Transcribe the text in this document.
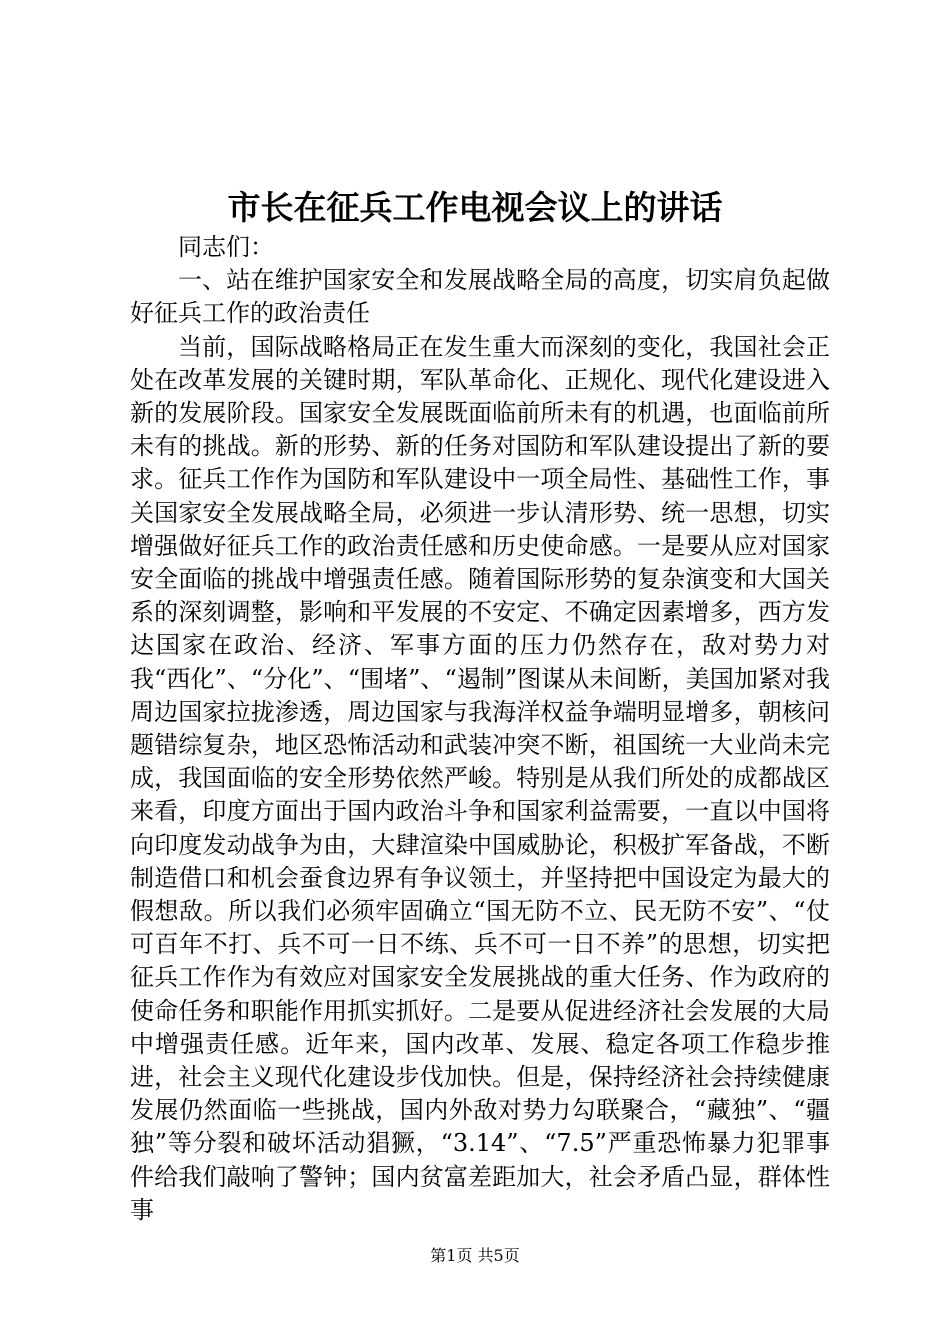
市长在征兵工作电视会议上的讲话

同志们：

一、站在维护国家安全和发展战略全局的高度，切实肩负起做好征兵工作的政治责任

当前，国际战略格局正在发生重大而深刻的变化，我国社会正处在改革发展的关键时期，军队革命化、正规化、现代化建设进入新的发展阶段。国家安全发展既面临前所未有的机遇，也面临前所未有的挑战。新的形势、新的任务对国防和军队建设提出了新的要求。征兵工作作为国防和军队建设中一项全局性、基础性工作，事关国家安全发展战略全局，必须进一步认清形势、统一思想，切实增强做好征兵工作的政治责任感和历史使命感。一是要从应对国家安全面临的挑战中增强责任感。随着国际形势的复杂演变和大国关系的深刻调整，影响和平发展的不安定、不确定因素增多，西方发达国家在政治、经济、军事方面的压力仍然存在，敌对势力对我“西化”、“分化”、“围堵”、“遏制”图谋从未间断，美国加紧对我周边国家拉拢渗透，周边国家与我海洋权益争端明显增多，朝核问题错综复杂，地区恐怖活动和武装冲突不断，祖国统一大业尚未完成，我国面临的安全形势依然严峻。特别是从我们所处的成都战区来看，印度方面出于国内政治斗争和国家利益需要，一直以中国将向印度发动战争为由，大肆渲染中国威胁论，积极扩军备战，不断制造借口和机会蚕食边界有争议领土，并坚持把中国设定为最大的假想敌。所以我们必须牢固确立“国无防不立、民无防不安”、“仗可百年不打、兵不可一日不练、兵不可一日不养”的思想，切实把征兵工作作为有效应对国家安全发展挑战的重大任务、作为政府的使命任务和职能作用抓实抓好。二是要从促进经济社会发展的大局中增强责任感。近年来，国内改革、发展、稳定各项工作稳步推进，社会主义现代化建设步伐加快。但是，保持经济社会持续健康发展仍然面临一些挑战，国内外敌对势力勾联聚合，“藏独”、“疆独”等分裂和破坏活动猖獗，“3.14”、“7.5”严重恐怖暴力犯罪事件给我们敲响了警钟；国内贫富差距加大，社会矛盾凸显，群体性事

第1页 共5页
